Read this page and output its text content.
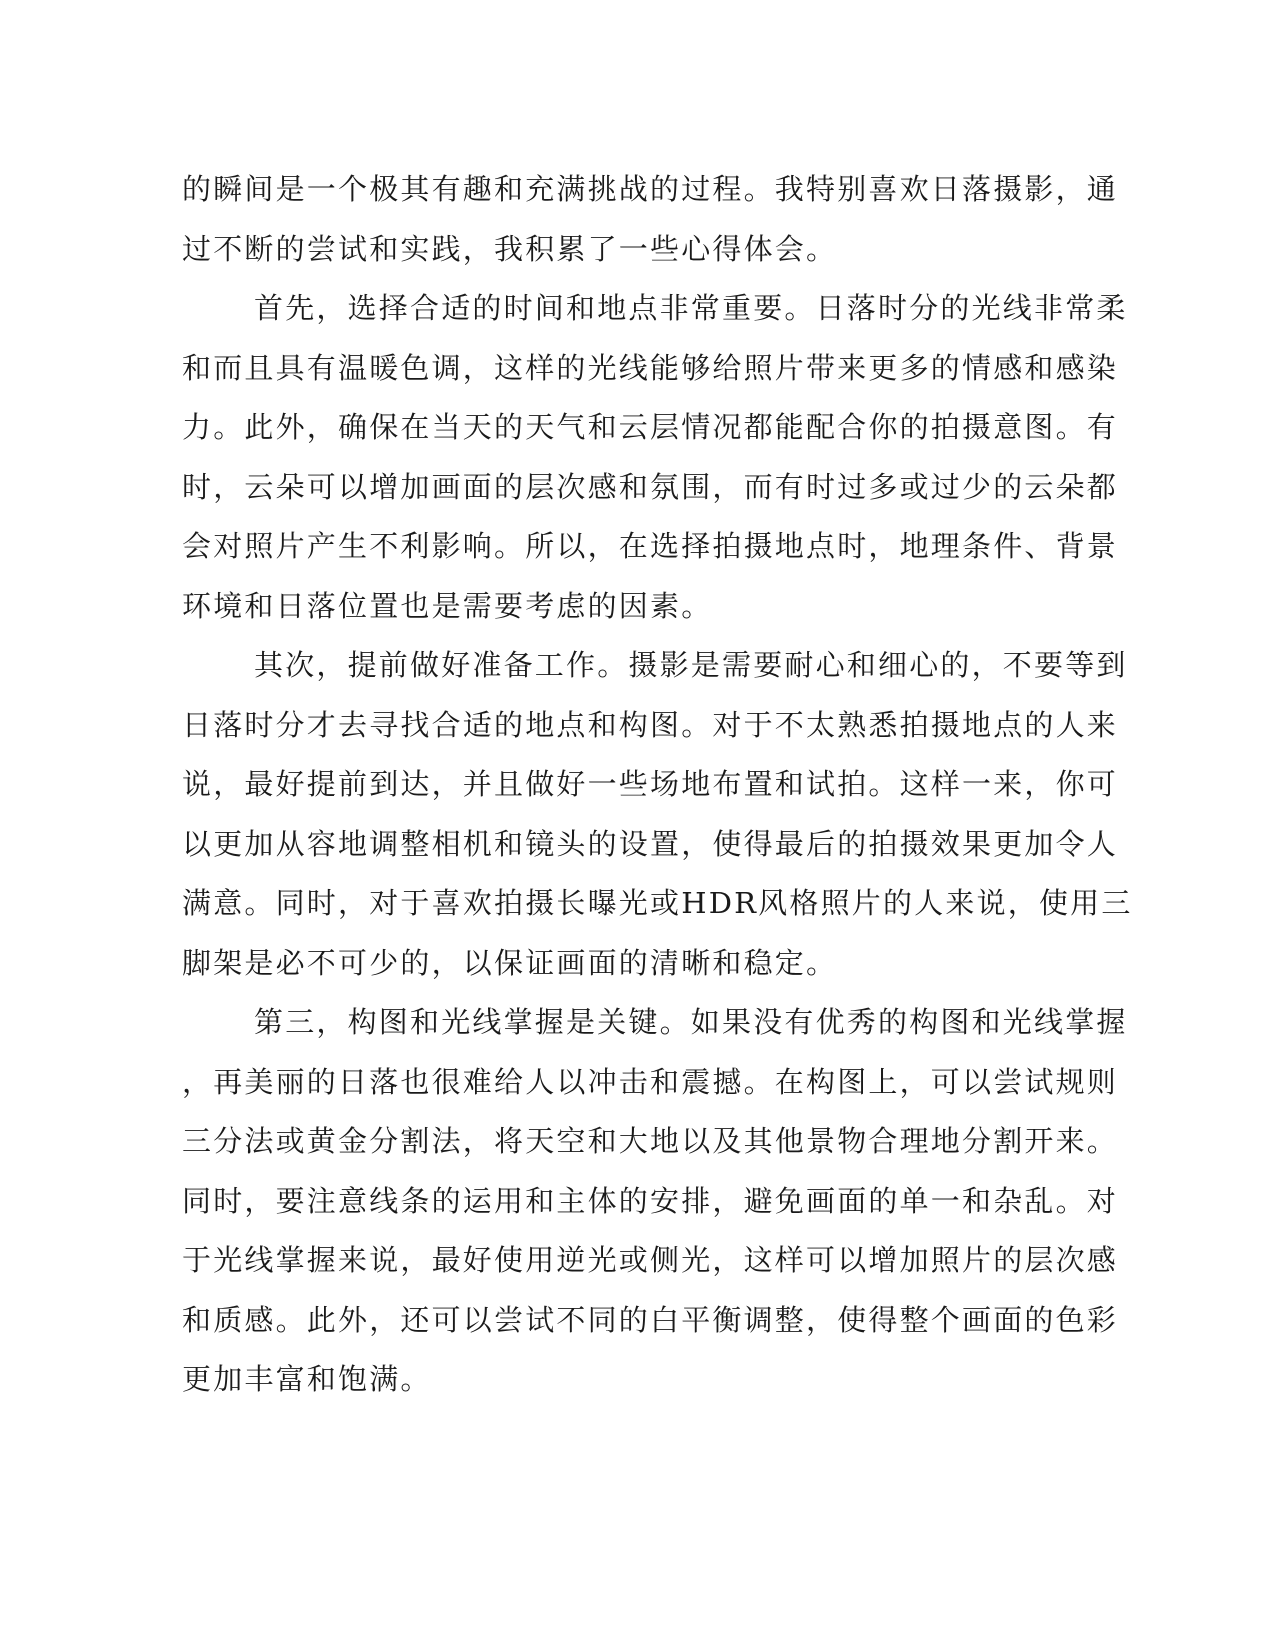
的瞬间是一个极其有趣和充满挑战的过程。我特别喜欢日落摄影，通
过不断的尝试和实践，我积累了一些心得体会。
首先，选择合适的时间和地点非常重要。日落时分的光线非常柔
和而且具有温暖色调，这样的光线能够给照片带来更多的情感和感染
力。此外，确保在当天的天气和云层情况都能配合你的拍摄意图。有
时，云朵可以增加画面的层次感和氛围，而有时过多或过少的云朵都
会对照片产生不利影响。所以，在选择拍摄地点时，地理条件、背景
环境和日落位置也是需要考虑的因素。
其次，提前做好准备工作。摄影是需要耐心和细心的，不要等到
日落时分才去寻找合适的地点和构图。对于不太熟悉拍摄地点的人来
说，最好提前到达，并且做好一些场地布置和试拍。这样一来，你可
以更加从容地调整相机和镜头的设置，使得最后的拍摄效果更加令人
满意。同时，对于喜欢拍摄长曝光或HDR风格照片的人来说，使用三
脚架是必不可少的，以保证画面的清晰和稳定。
第三，构图和光线掌握是关键。如果没有优秀的构图和光线掌握
，再美丽的日落也很难给人以冲击和震撼。在构图上，可以尝试规则
三分法或黄金分割法，将天空和大地以及其他景物合理地分割开来。
同时，要注意线条的运用和主体的安排，避免画面的单一和杂乱。对
于光线掌握来说，最好使用逆光或侧光，这样可以增加照片的层次感
和质感。此外，还可以尝试不同的白平衡调整，使得整个画面的色彩
更加丰富和饱满。
